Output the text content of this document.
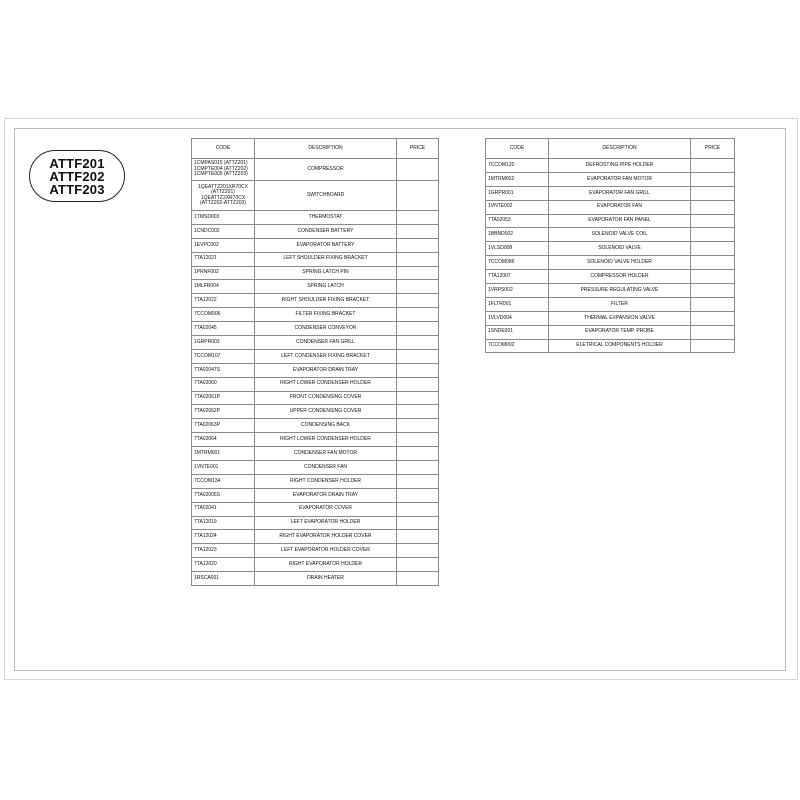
ATTF201
ATTF202
ATTF203
CODE	DESCRIPTION	PRICE

1CMPAS015 (ATTZ201)
1CMPTE004 (ATTZ202)
1CMPTE005 (ATTZ203)	COMPRESSOR	

1QEATTZ201XR70CX
(ATTZ201)
1QEATTZ2XR70CX
(ATTZ202-ATTZ203)	SWITCHBOARD	

1TMSD003	THERMOSTAT	

1CNDC002	CONDENSER BATTERY	

1EVPC002	EVAPORATOR BATTERY	

7TA12021	LEFT SHOULDER FIXING BRACKET	

1PRNF002	SPRING LATCH PIN	

1MLFR004	SPRING LATCH	

7TA12022	RIGHT SHOULDER FIXING BRACKET	

7CCOM006	FILTER FIXING BRACKET	

7TA02045	CONDENSER CONVEYOR	

1GRPR003	CONDENSER FAN GRILL	

7CCOM107	LEFT CONDENSER FIXING BRACKET	

7TA02047S	EVAPORATOR DRAIN TRAY	

7TA02060	RIGHT LOWER CONDENSER HOLDER	

7TA02061P	FRONT CONDENSING COVER	

7TA02062P	UPPER CONDENSING COVER	

7TA02063P	CONDENSING BACK	

7TA02064	RIGHT LOWER CONDENSER HOLDER	

1MTRM001	CONDENSER FAN MOTOR	

1VNTE001	CONDENSER FAN	

7CCOM134	RIGHT CONDENSER HOLDER	

7TA02005S	EVAPORATOR DRAIN TRAY	

7TA02041	EVAPORATOR COVER	

7TA12019	LEFT EVAPORATOR HOLDER	

7TA12024	RIGHT EVAPORATOR HOLDER COVER	

7TA12023	LEFT EVAPORATOR HOLDER COVER	

7TA12020	RIGHT EVAPORATOR HOLDER	

1RSCA001	DRAIN HEATER	
CODE	DESCRIPTION	PRICE

7CCOM120	DEFROSTING PIPE HOLDER	

1MTRM002	EVAPORATOR FAN MOTOR	

1GRPR001	EVAPORATOR FAN GRILL	

1VNTE002	EVAPORATOR FAN	

7TA02053	EVAPORATOR FAN PANEL	

1BBND002	SOLENOID VALVE COIL	

1VLSD008	SOLENOID VALVE	

7CCOM086	SOLENOID VALVE HOLDER	

7TA12007	COMPRESSOR HOLDER	

1VRPS002	PRESSURE REGULATING VALVE	

1FLTR001	FILTER	

1VLVD004	THERMAL EXPANSION VALVE	

1SNDE001	EVAPORATOR TEMP. PROBE	

7CCOM002	ELETRICAL COMPONENTS HOLDER	
